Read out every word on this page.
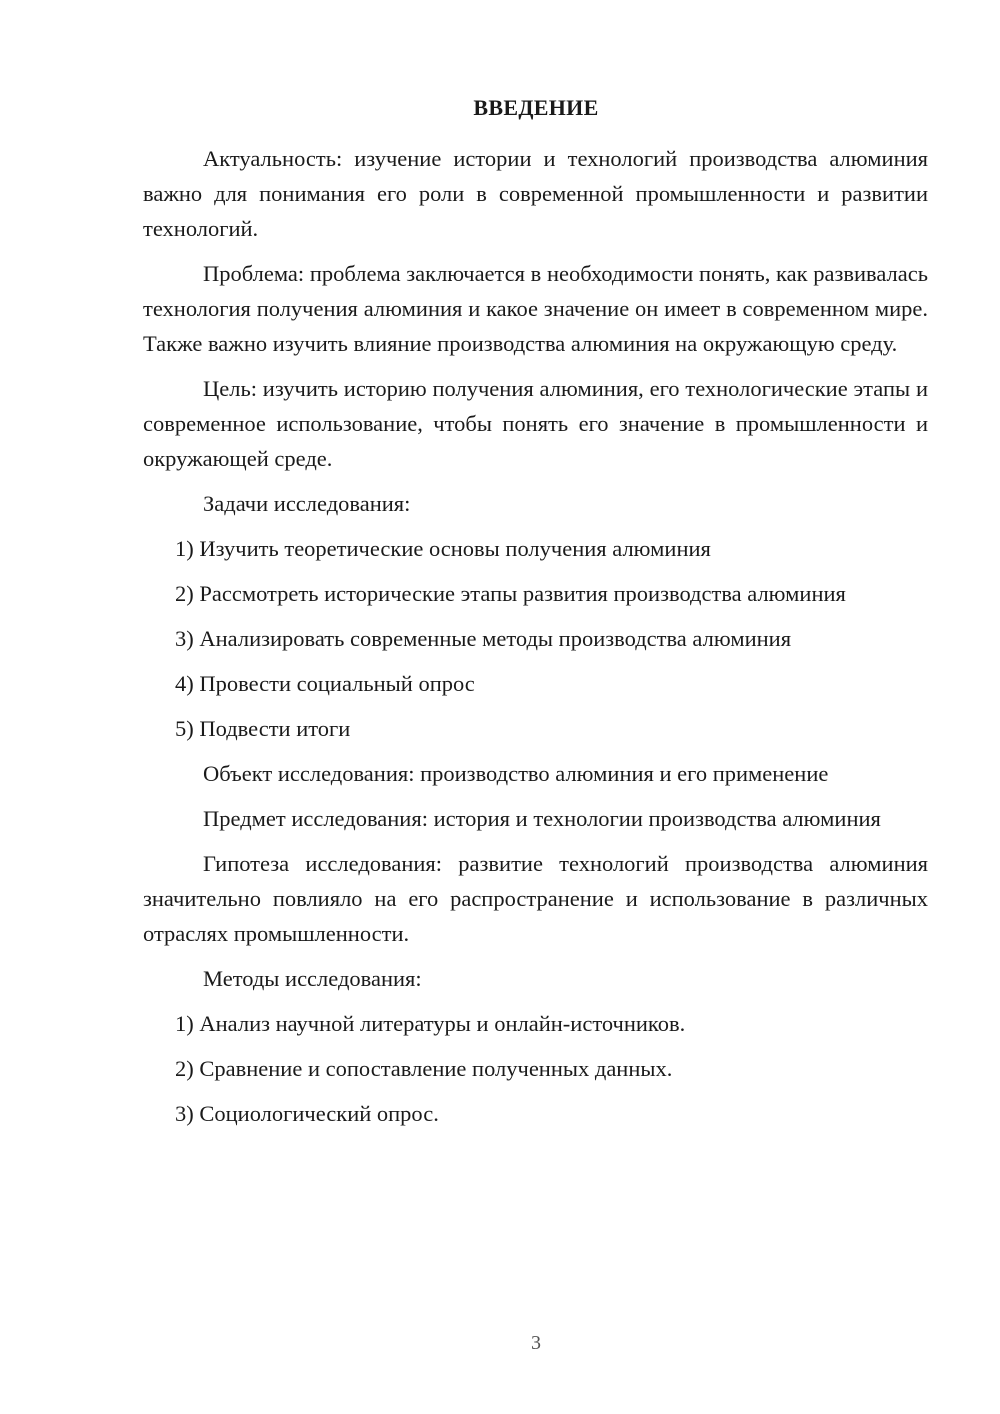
ВВЕДЕНИЕ

Актуальность: изучение истории и технологий производства алюминия важно для понимания его роли в современной промышленности и развитии технологий.

Проблема: проблема заключается в необходимости понять, как развивалась технология получения алюминия и какое значение он имеет в современном мире. Также важно изучить влияние производства алюминия на окружающую среду.

Цель: изучить историю получения алюминия, его технологические этапы и современное использование, чтобы понять его значение в промышленности и окружающей среде.

Задачи исследования:

1) Изучить теоретические основы получения алюминия

2) Рассмотреть исторические этапы развития производства алюминия

3) Анализировать современные методы производства алюминия

4) Провести социальный опрос

5) Подвести итоги

Объект исследования: производство алюминия и его применение

Предмет исследования: история и технологии производства алюминия

Гипотеза исследования: развитие технологий производства алюминия значительно повлияло на его распространение и использование в различных отраслях промышленности.

Методы исследования:

1) Анализ научной литературы и онлайн-источников.

2) Сравнение и сопоставление полученных данных.

3) Социологический опрос.

3
